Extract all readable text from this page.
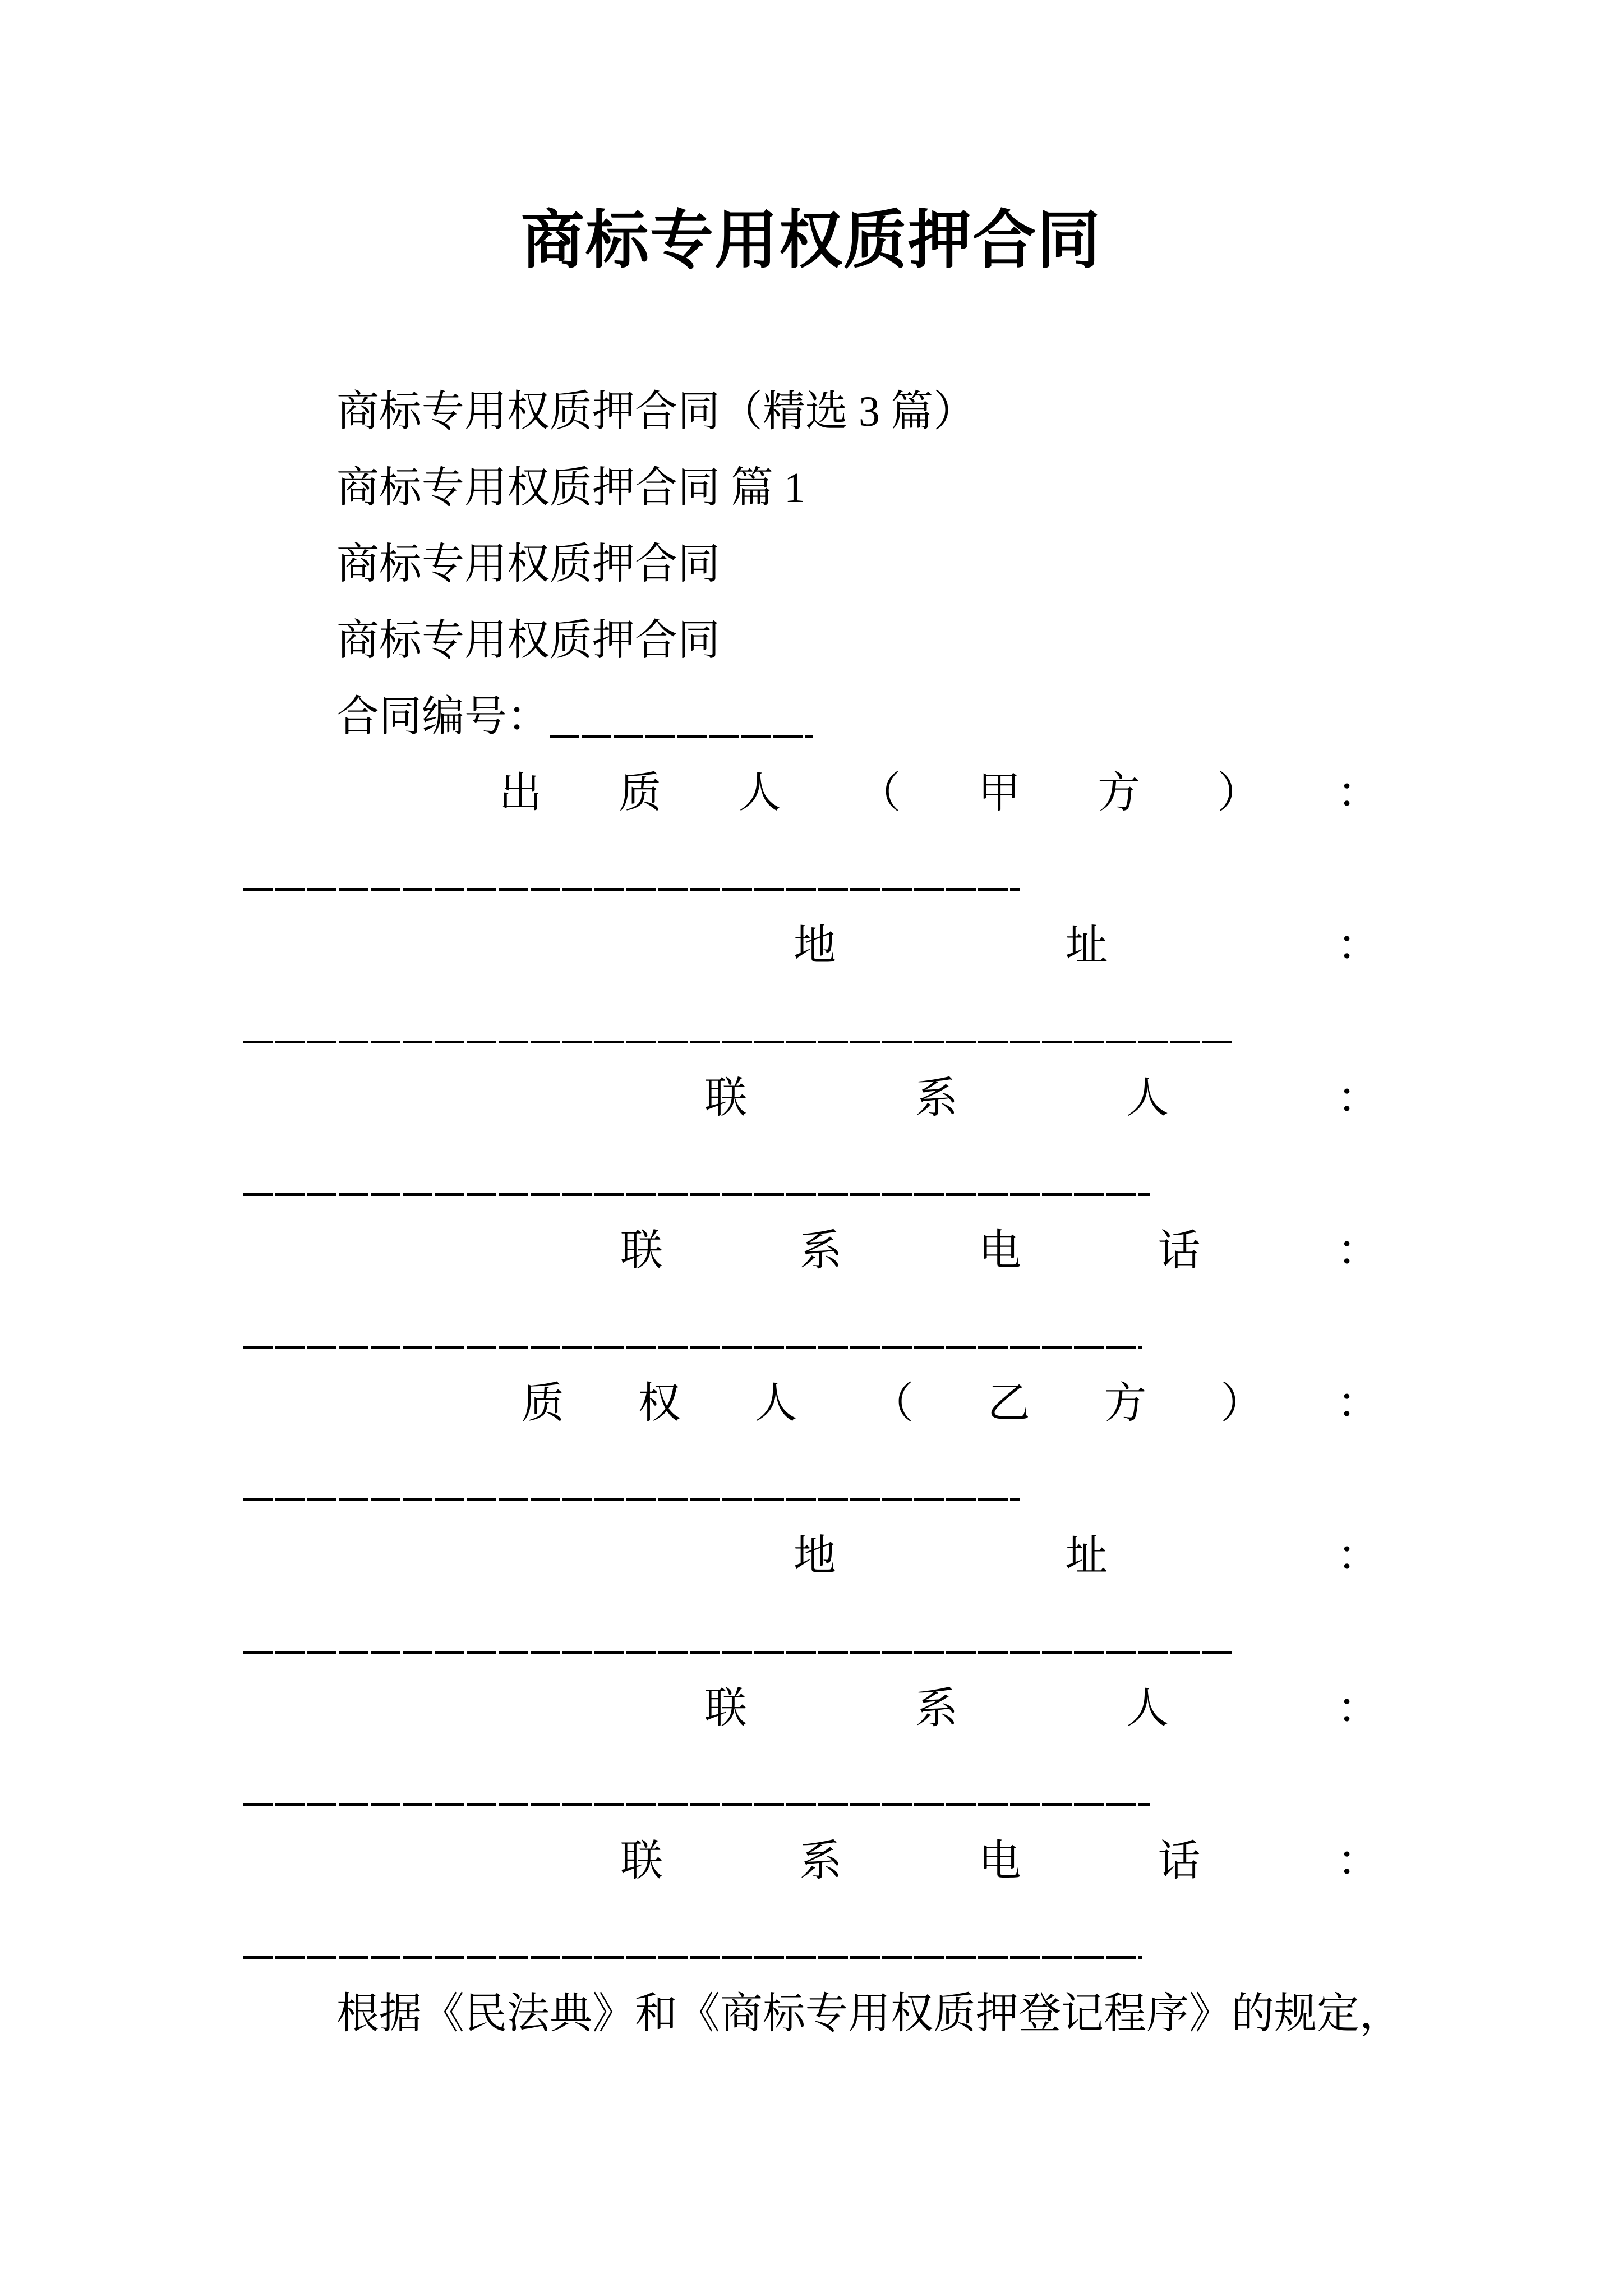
商标专用权质押合同

商标专用权质押合同（精选 3 篇）

商标专用权质押合同 篇 1

商标专用权质押合同

商标专用权质押合同

合同编号：

出 质 人 （ 甲 方 ） ：
地	址	：
联	系	人	：
联	系	电	话	：
质 权 人 （ 乙 方 ） ：
地	址	：
联	系	人	：
联	系	电	话	：

根据《民法典》和《商标专用权质押登记程序》的规定，
